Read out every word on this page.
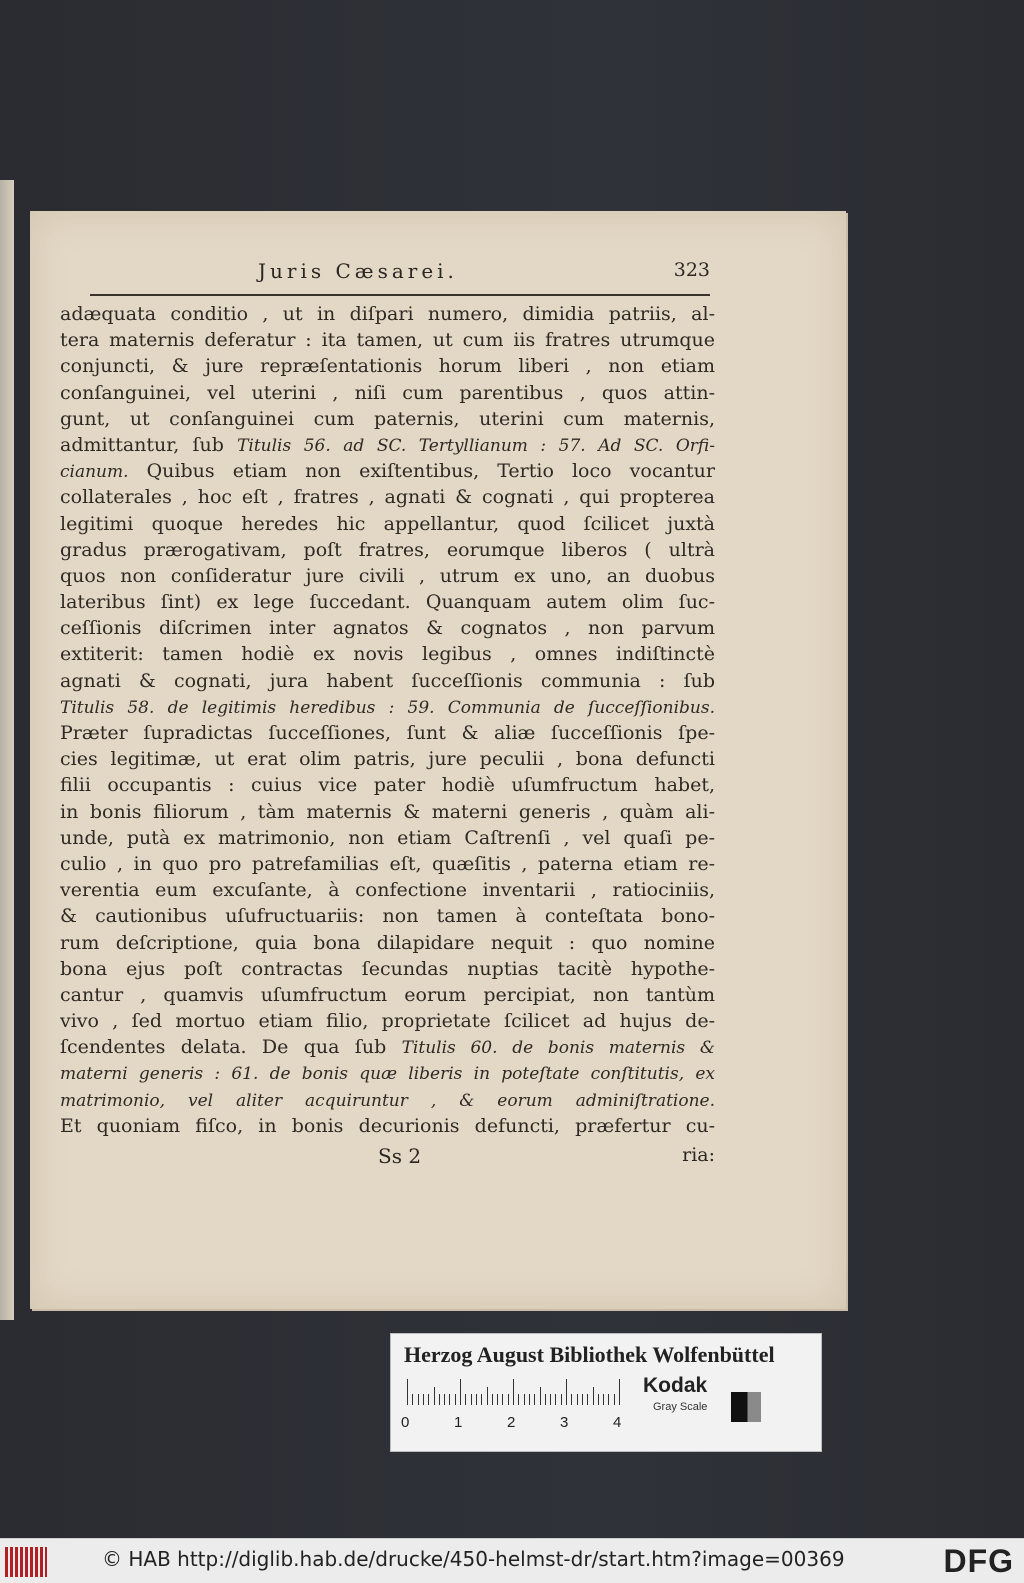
Juris Cæsarei.	323
adæquata conditio , ut in diſpari numero, dimidia patriis, al-
tera maternis deferatur : ita tamen, ut cum iis fratres utrumque
conjuncti, & jure repræſentationis horum liberi , non etiam
conſanguinei, vel uterini , niſi cum parentibus , quos attin-
gunt, ut conſanguinei cum paternis, uterini cum maternis,
admittantur, ſub Titulis 56. ad SC. Tertyllianum : 57. Ad SC. Orfi-
cianum. Quibus etiam non exiſtentibus, Tertio loco vocantur
collaterales , hoc eſt , fratres , agnati & cognati , qui propterea
legitimi quoque heredes hic appellantur, quod ſcilicet juxtà
gradus prærogativam, poſt fratres, eorumque liberos ( ultrà
quos non conſideratur jure civili , utrum ex uno, an duobus
lateribus ſint) ex lege ſuccedant. Quanquam autem olim ſuc-
ceſſionis diſcrimen inter agnatos & cognatos , non parvum
extiterit: tamen hodiè ex novis legibus , omnes indiſtinctè
agnati & cognati, jura habent ſucceſſionis communia : ſub
Titulis 58. de legitimis heredibus : 59. Communia de ſucceſſionibus.
Præter ſupradictas ſucceſſiones, ſunt & aliæ ſucceſſionis ſpe-
cies legitimæ, ut erat olim patris, jure peculii , bona defuncti
filii occupantis : cuius vice pater hodiè uſumfructum habet,
in bonis filiorum , tàm maternis & materni generis , quàm ali-
unde, putà ex matrimonio, non etiam Caſtrenſi , vel quaſi pe-
culio , in quo pro patrefamilias eſt, quæſitis , paterna etiam re-
verentia eum excuſante, à confectione inventarii , ratiociniis,
& cautionibus uſufructuariis: non tamen à conteſtata bono-
rum deſcriptione, quia bona dilapidare nequit : quo nomine
bona ejus poſt contractas ſecundas nuptias tacitè hypothe-
cantur , quamvis uſumfructum eorum percipiat, non tantùm
vivo , ſed mortuo etiam filio, proprietate ſcilicet ad hujus de-
ſcendentes delata. De qua ſub Titulis 60. de bonis maternis &
materni generis : 61. de bonis quæ liberis in poteſtate conſtitutis, ex
matrimonio, vel aliter acquiruntur , & eorum adminiſtratione.
Et quoniam fiſco, in bonis decurionis defuncti, præfertur cu-
Ss 2	ria:
Herzog August Bibliothek Wolfenbüttel
0	1	2	3	4
Kodak
Gray Scale
© HAB http://diglib.hab.de/drucke/450-helmst-dr/start.htm?image=00369	DFG
